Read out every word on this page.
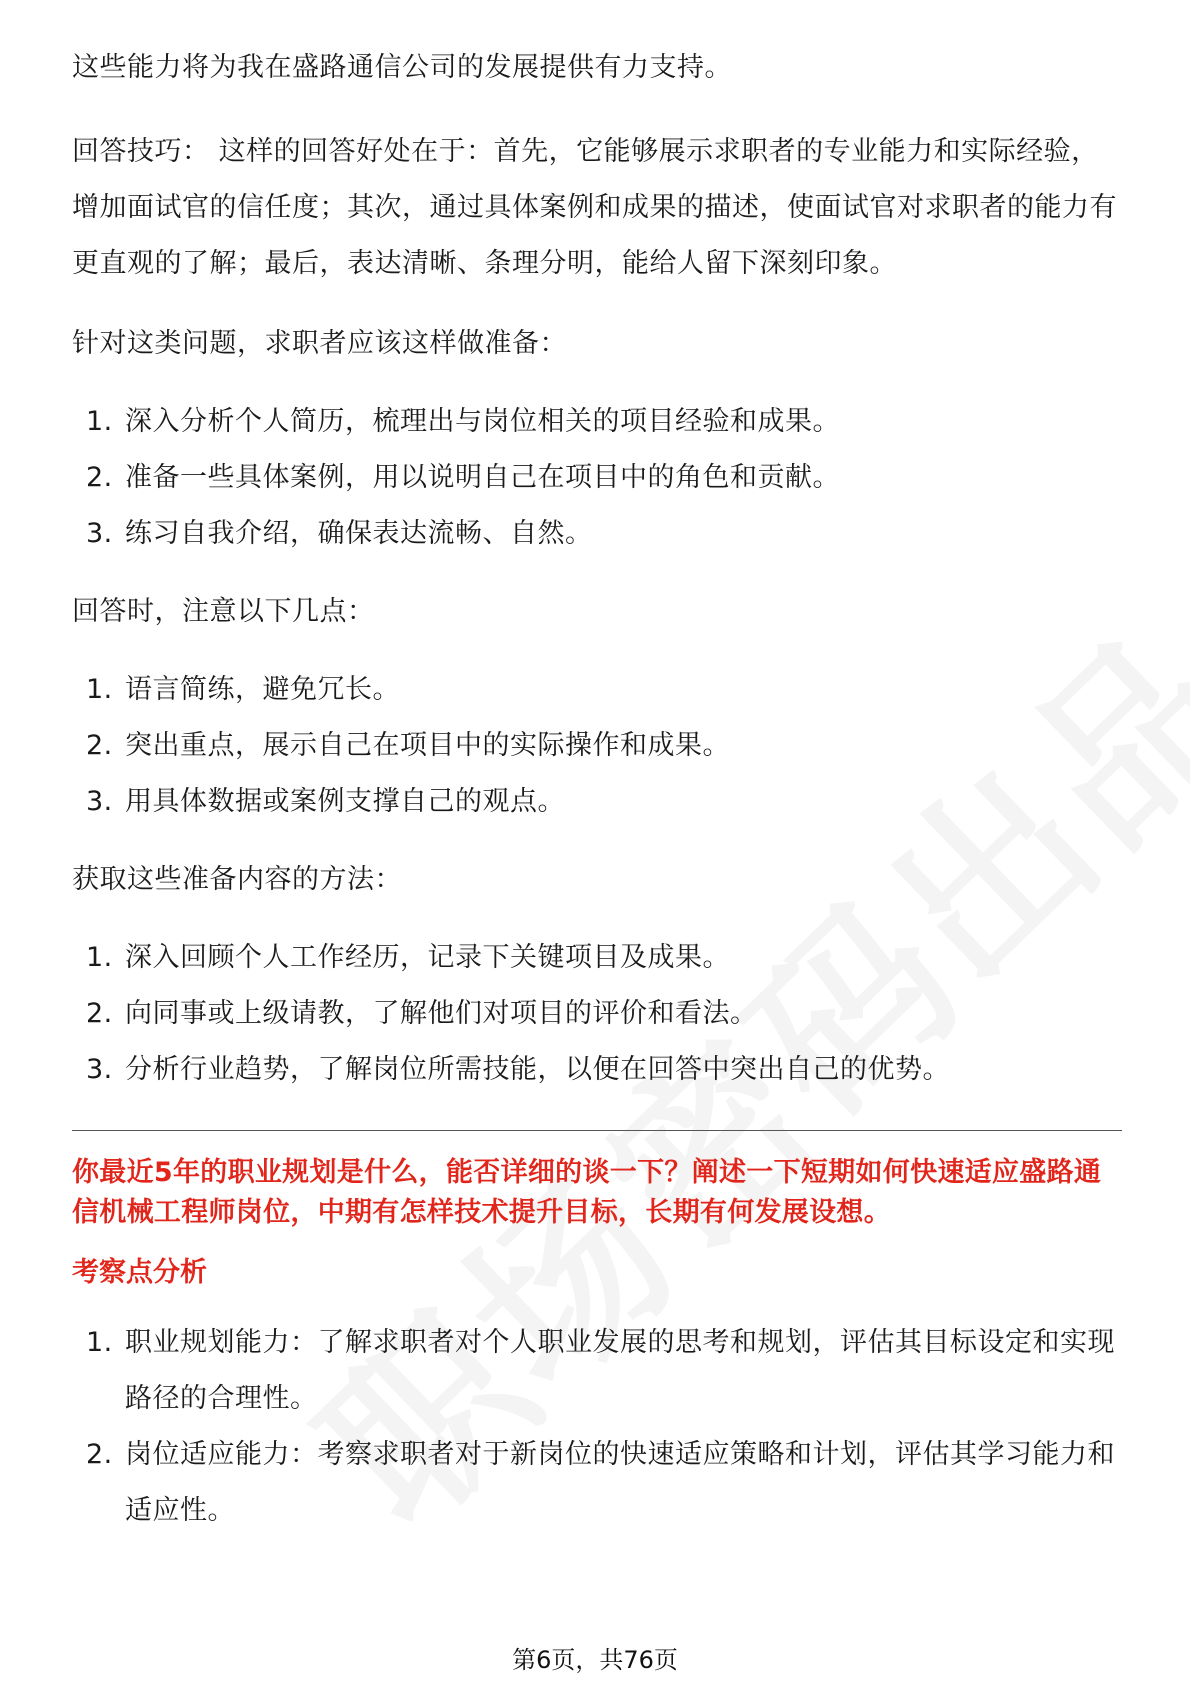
这些能力将为我在盛路通信公司的发展提供有力支持。

回答技巧： 这样的回答好处在于：首先，它能够展示求职者的专业能力和实际经验，增加面试官的信任度；其次，通过具体案例和成果的描述，使面试官对求职者的能力有更直观的了解；最后，表达清晰、条理分明，能给人留下深刻印象。

针对这类问题，求职者应该这样做准备：

1. 深入分析个人简历，梳理出与岗位相关的项目经验和成果。
2. 准备一些具体案例，用以说明自己在项目中的角色和贡献。
3. 练习自我介绍，确保表达流畅、自然。

回答时，注意以下几点：

1. 语言简练，避免冗长。
2. 突出重点，展示自己在项目中的实际操作和成果。
3. 用具体数据或案例支撑自己的观点。

获取这些准备内容的方法：

1. 深入回顾个人工作经历，记录下关键项目及成果。
2. 向同事或上级请教，了解他们对项目的评价和看法。
3. 分析行业趋势，了解岗位所需技能，以便在回答中突出自己的优势。

你最近5年的职业规划是什么，能否详细的谈一下？阐述一下短期如何快速适应盛路通信机械工程师岗位，中期有怎样技术提升目标，长期有何发展设想。

考察点分析

1. 职业规划能力：了解求职者对个人职业发展的思考和规划，评估其目标设定和实现路径的合理性。
2. 岗位适应能力：考察求职者对于新岗位的快速适应策略和计划，评估其学习能力和适应性。
第6页，共76页
